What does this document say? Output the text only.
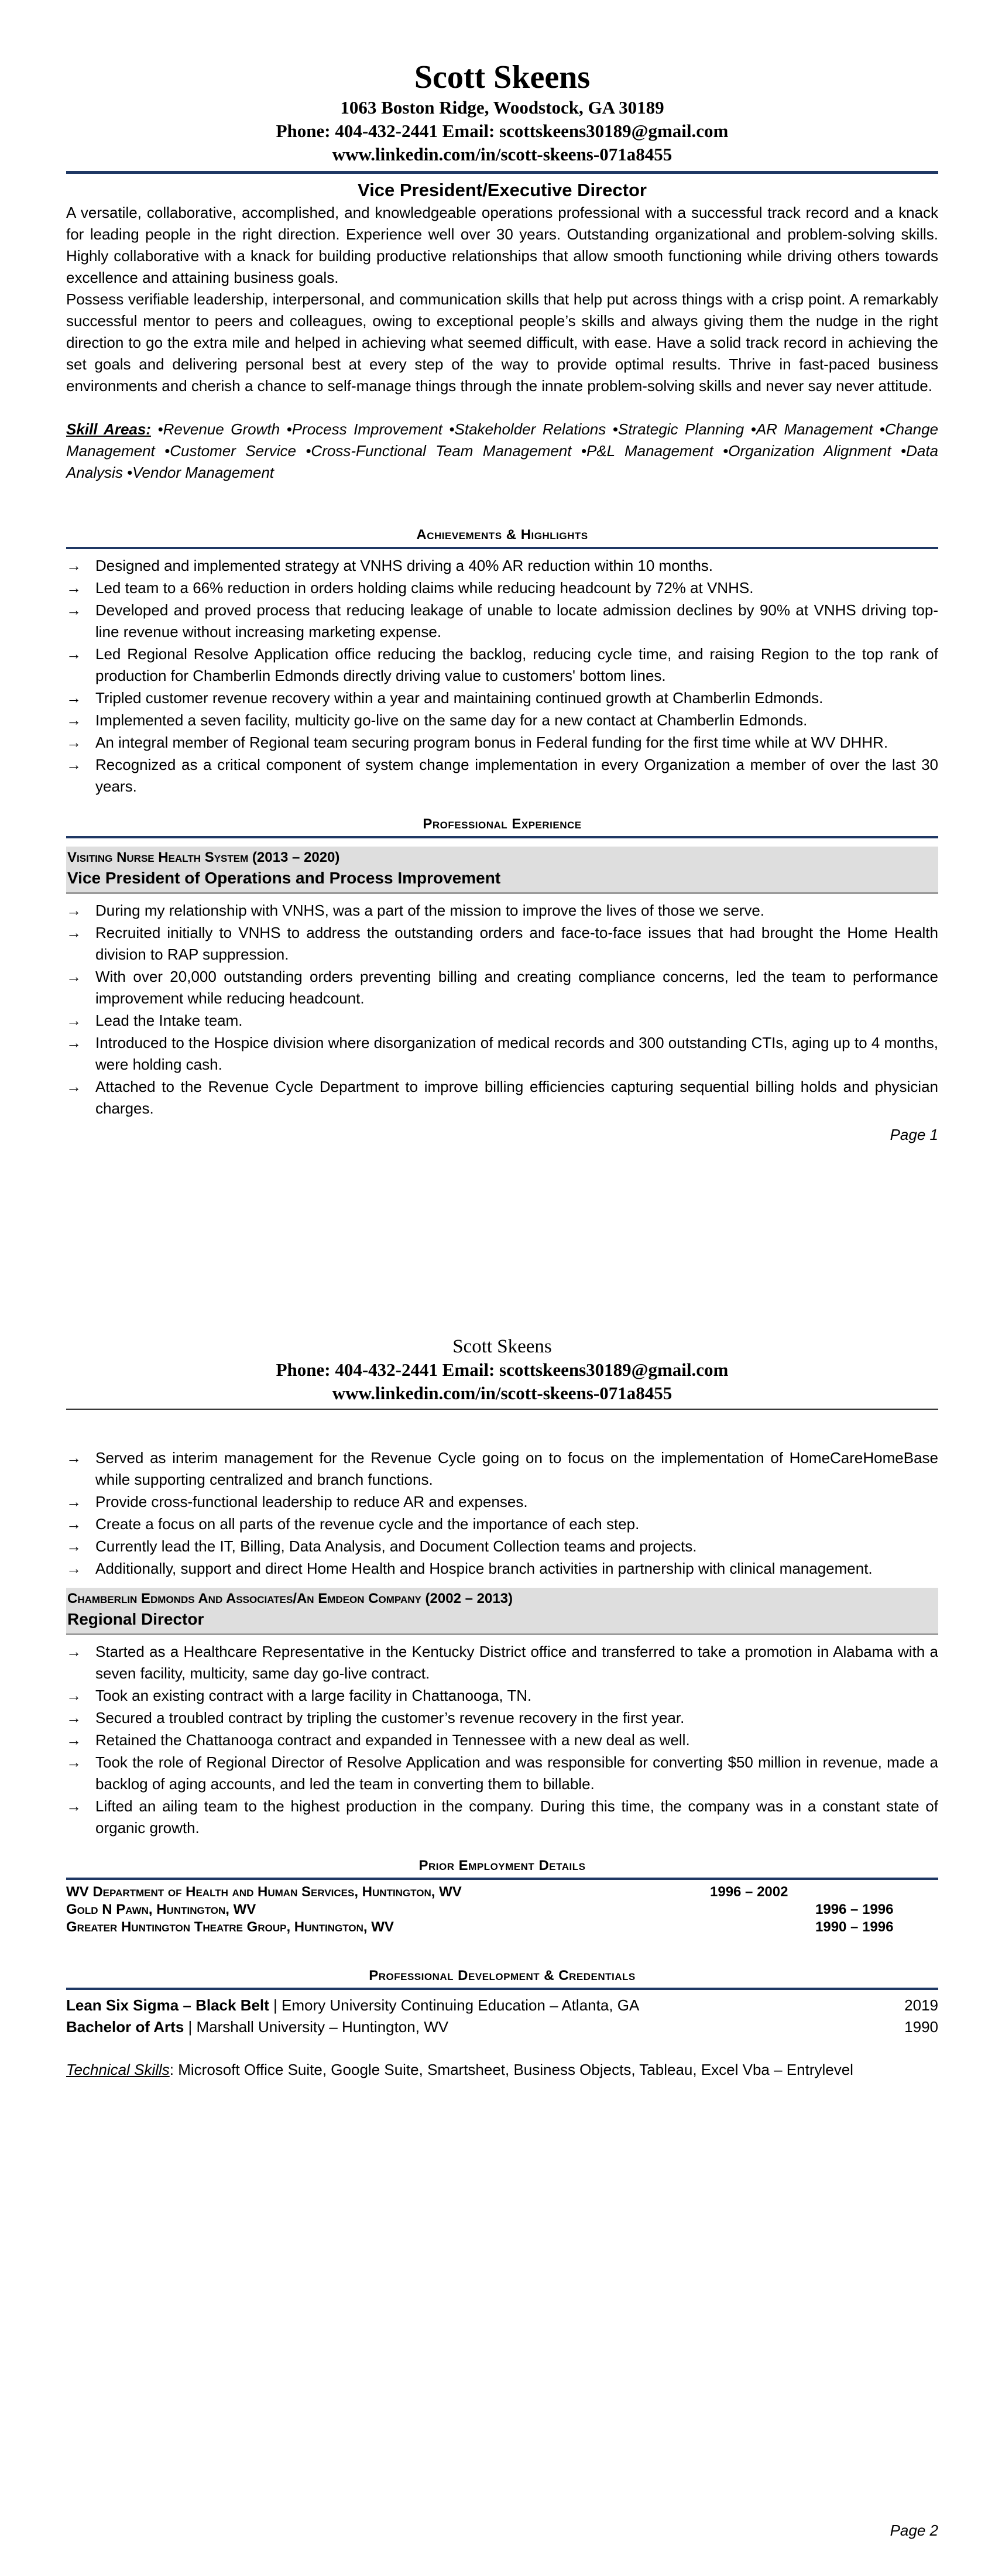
Scott Skeens
1063 Boston Ridge, Woodstock, GA 30189
Phone: 404-432-2441 Email: scottskeens30189@gmail.com
www.linkedin.com/in/scott-skeens-071a8455
Vice President/Executive Director

A versatile, collaborative, accomplished, and knowledgeable operations professional with a successful track record and a knack for leading people in the right direction. Experience well over 30 years. Outstanding organizational and problem-solving skills. Highly collaborative with a knack for building productive relationships that allow smooth functioning while driving others towards excellence and attaining business goals.

Possess verifiable leadership, interpersonal, and communication skills that help put across things with a crisp point. A remarkably successful mentor to peers and colleagues, owing to exceptional people’s skills and always giving them the nudge in the right direction to go the extra mile and helped in achieving what seemed difficult, with ease. Have a solid track record in achieving the set goals and delivering personal best at every step of the way to provide optimal results. Thrive in fast-paced business environments and cherish a chance to self-manage things through the innate problem-solving skills and never say never attitude.

Skill Areas: •Revenue Growth •Process Improvement •Stakeholder Relations •Strategic Planning •AR Management •Change Management •Customer Service •Cross-Functional Team Management •P&L Management •Organization Alignment •Data Analysis •Vendor Management
Achievements & Highlights
→ Designed and implemented strategy at VNHS driving a 40% AR reduction within 10 months.
→ Led team to a 66% reduction in orders holding claims while reducing headcount by 72% at VNHS.
→ Developed and proved process that reducing leakage of unable to locate admission declines by 90% at VNHS driving top-line revenue without increasing marketing expense.
→ Led Regional Resolve Application office reducing the backlog, reducing cycle time, and raising Region to the top rank of production for Chamberlin Edmonds directly driving value to customers' bottom lines.
→ Tripled customer revenue recovery within a year and maintaining continued growth at Chamberlin Edmonds.
→ Implemented a seven facility, multicity go-live on the same day for a new contact at Chamberlin Edmonds.
→ An integral member of Regional team securing program bonus in Federal funding for the first time while at WV DHHR.
→ Recognized as a critical component of system change implementation in every Organization a member of over the last 30 years.
Professional Experience
Visiting Nurse Health System (2013 – 2020)
Vice President of Operations and Process Improvement
→ During my relationship with VNHS, was a part of the mission to improve the lives of those we serve.
→ Recruited initially to VNHS to address the outstanding orders and face-to-face issues that had brought the Home Health division to RAP suppression.
→ With over 20,000 outstanding orders preventing billing and creating compliance concerns, led the team to performance improvement while reducing headcount.
→ Lead the Intake team.
→ Introduced to the Hospice division where disorganization of medical records and 300 outstanding CTIs, aging up to 4 months, were holding cash.
→ Attached to the Revenue Cycle Department to improve billing efficiencies capturing sequential billing holds and physician charges.
Page 1
Scott Skeens
Phone: 404-432-2441 Email: scottskeens30189@gmail.com
www.linkedin.com/in/scott-skeens-071a8455
→ Served as interim management for the Revenue Cycle going on to focus on the implementation of HomeCareHomeBase while supporting centralized and branch functions.
→ Provide cross-functional leadership to reduce AR and expenses.
→ Create a focus on all parts of the revenue cycle and the importance of each step.
→ Currently lead the IT, Billing, Data Analysis, and Document Collection teams and projects.
→ Additionally, support and direct Home Health and Hospice branch activities in partnership with clinical management.
Chamberlin Edmonds And Associates/An Emdeon Company (2002 – 2013)
Regional Director
→ Started as a Healthcare Representative in the Kentucky District office and transferred to take a promotion in Alabama with a seven facility, multicity, same day go-live contract.
→ Took an existing contract with a large facility in Chattanooga, TN.
→ Secured a troubled contract by tripling the customer’s revenue recovery in the first year.
→ Retained the Chattanooga contract and expanded in Tennessee with a new deal as well.
→ Took the role of Regional Director of Resolve Application and was responsible for converting $50 million in revenue, made a backlog of aging accounts, and led the team in converting them to billable.
→ Lifted an ailing team to the highest production in the company. During this time, the company was in a constant state of organic growth.
Prior Employment Details
WV Department of Health and Human Services, Huntington, WV	1996 – 2002
Gold N Pawn, Huntington, WV	1996 – 1996
Greater Huntington Theatre Group, Huntington, WV	1990 – 1996
Professional Development & Credentials
Lean Six Sigma – Black Belt | Emory University Continuing Education – Atlanta, GA	2019
Bachelor of Arts | Marshall University – Huntington, WV	1990
Technical Skills: Microsoft Office Suite, Google Suite, Smartsheet, Business Objects, Tableau, Excel Vba – Entrylevel
Page 2
